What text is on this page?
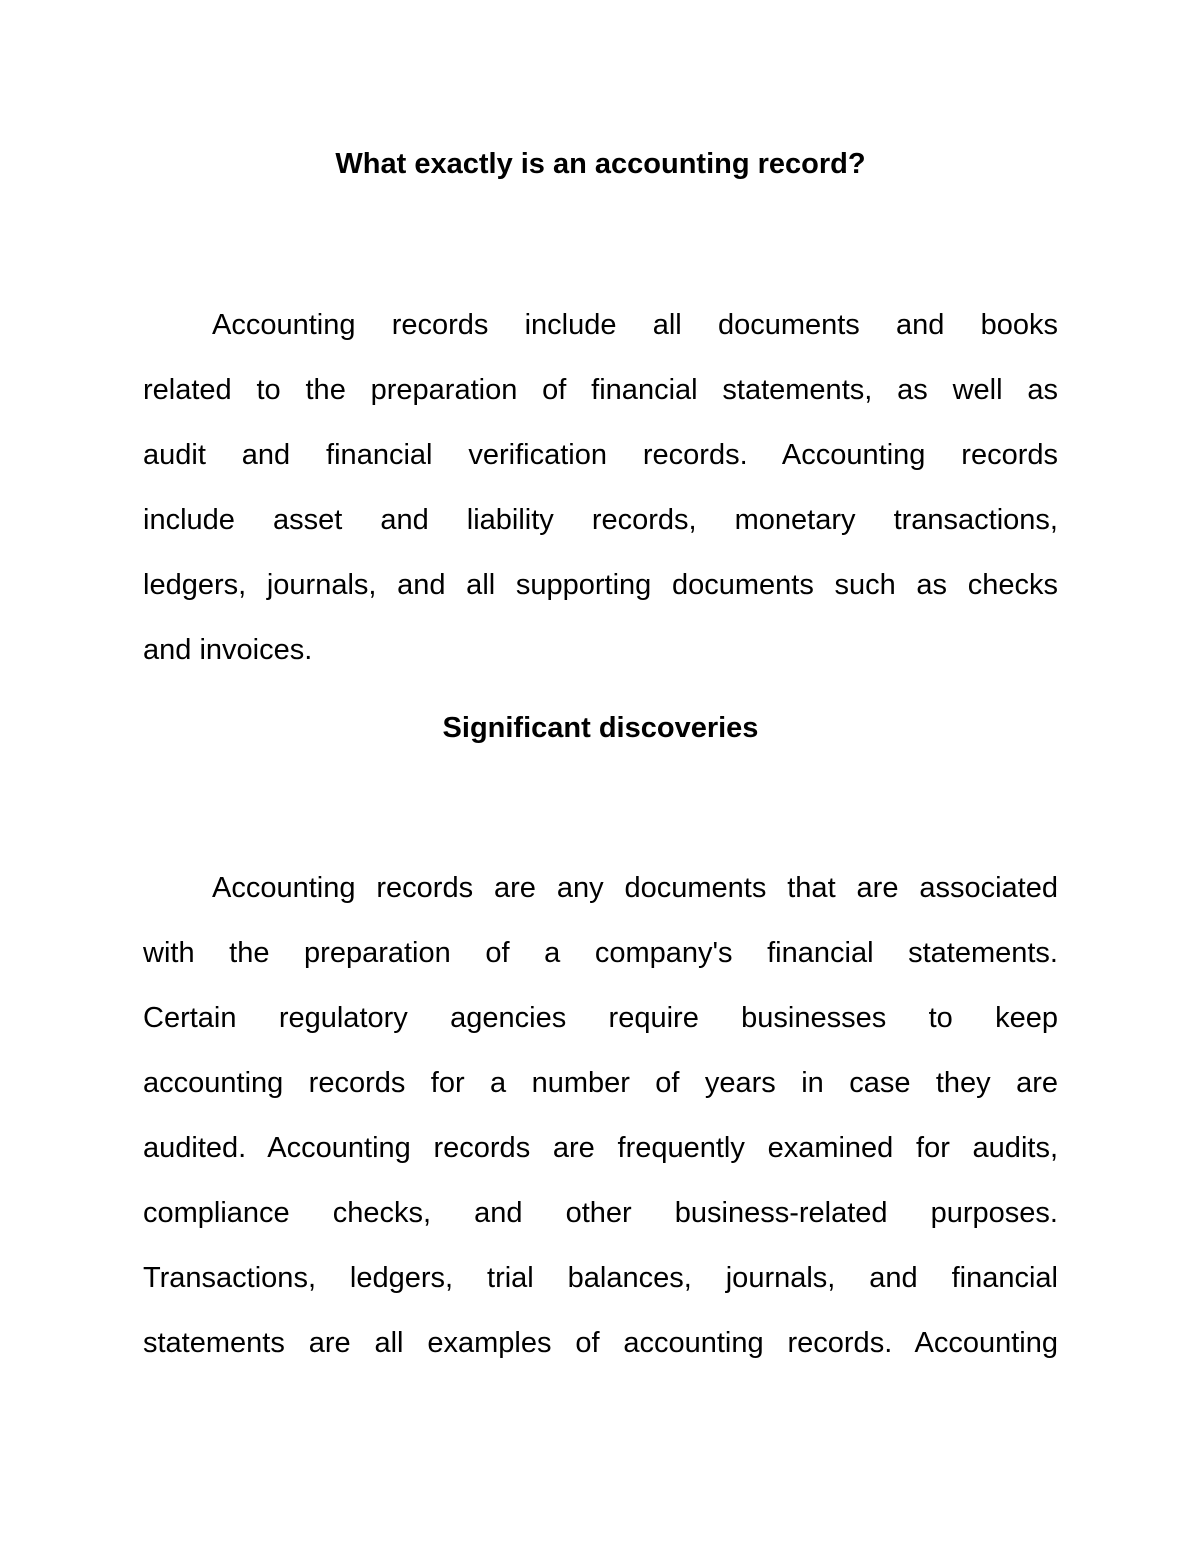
What exactly is an accounting record?
Accounting records include all documents and books
related to the preparation of financial statements, as well as
audit and financial verification records. Accounting records
include asset and liability records, monetary transactions,
ledgers, journals, and all supporting documents such as checks
and invoices.
Significant discoveries
Accounting records are any documents that are associated
with the preparation of a company's financial statements.
Certain regulatory agencies require businesses to keep
accounting records for a number of years in case they are
audited. Accounting records are frequently examined for audits,
compliance checks, and other business-related purposes.
Transactions, ledgers, trial balances, journals, and financial
statements are all examples of accounting records. Accounting
